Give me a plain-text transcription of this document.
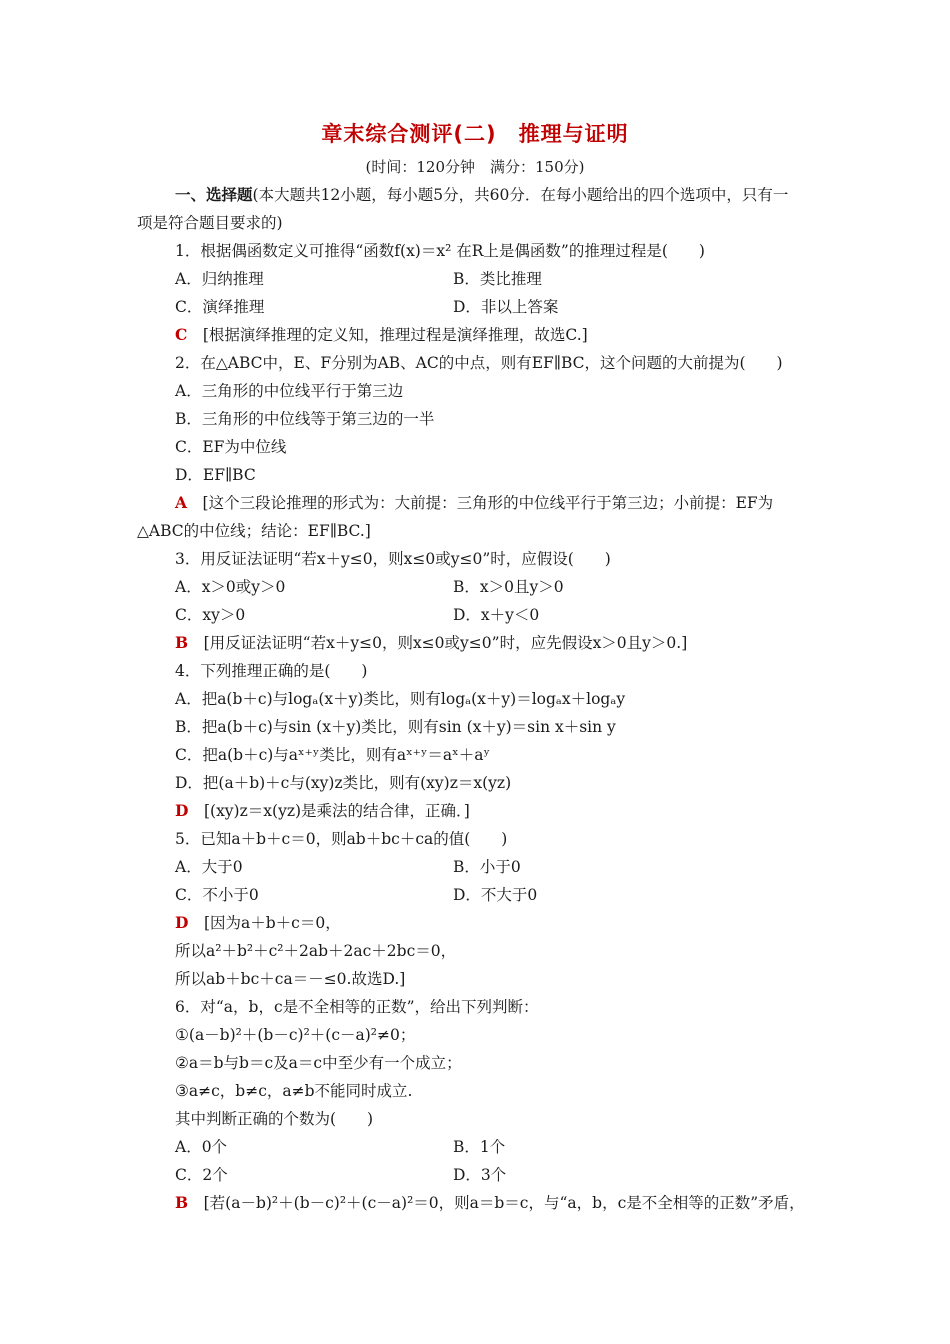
章末综合测评(二)　推理与证明
(时间：120分钟　满分：150分)
一、选择题(本大题共12小题，每小题5分，共60分．在每小题给出的四个选项中，只有一
项是符合题目要求的)
1．根据偶函数定义可推得“函数f(x)＝x² 在R上是偶函数”的推理过程是(　　)
A．归纳推理	B．类比推理
C．演绎推理	D．非以上答案
C　 [根据演绎推理的定义知，推理过程是演绎推理，故选C.]
2．在△ABC中，E、F分别为AB、AC的中点，则有EF∥BC，这个问题的大前提为(　　)
A．三角形的中位线平行于第三边
B．三角形的中位线等于第三边的一半
C．EF为中位线
D．EF∥BC
A　 [这个三段论推理的形式为：大前提：三角形的中位线平行于第三边；小前提：EF为
△ABC的中位线；结论：EF∥BC.]
3．用反证法证明“若x＋y≤0，则x≤0或y≤0”时，应假设(　　)
A．x＞0或y＞0	B．x＞0且y＞0
C．xy＞0	D．x＋y＜0
B　 [用反证法证明“若x＋y≤0，则x≤0或y≤0”时，应先假设x＞0且y＞0.]
4．下列推理正确的是(　　)
A．把a(b＋c)与logₐ(x＋y)类比，则有logₐ(x＋y)＝logₐx＋logₐy
B．把a(b＋c)与sin (x＋y)类比，则有sin (x＋y)＝sin x＋sin y
C．把a(b＋c)与aˣ⁺ʸ类比，则有aˣ⁺ʸ＝aˣ＋aʸ
D．把(a＋b)＋c与(xy)z类比，则有(xy)z＝x(yz)
D　 [(xy)z＝x(yz)是乘法的结合律，正确．]
5．已知a＋b＋c＝0，则ab＋bc＋ca的值(　　)
A．大于0	B．小于0
C．不小于0	D．不大于0
D　 [因为a＋b＋c＝0，
所以a²＋b²＋c²＋2ab＋2ac＋2bc＝0，
所以ab＋bc＋ca＝－≤0.故选D.]
6．对“a，b，c是不全相等的正数”，给出下列判断：
①(a－b)²＋(b－c)²＋(c－a)²≠0；
②a＝b与b＝c及a＝c中至少有一个成立；
③a≠c，b≠c，a≠b不能同时成立.
其中判断正确的个数为(　　)
A．0个	B．1个
C．2个	D．3个
B　 [若(a－b)²＋(b－c)²＋(c－a)²＝0，则a＝b＝c，与“a，b，c是不全相等的正数”矛盾，
